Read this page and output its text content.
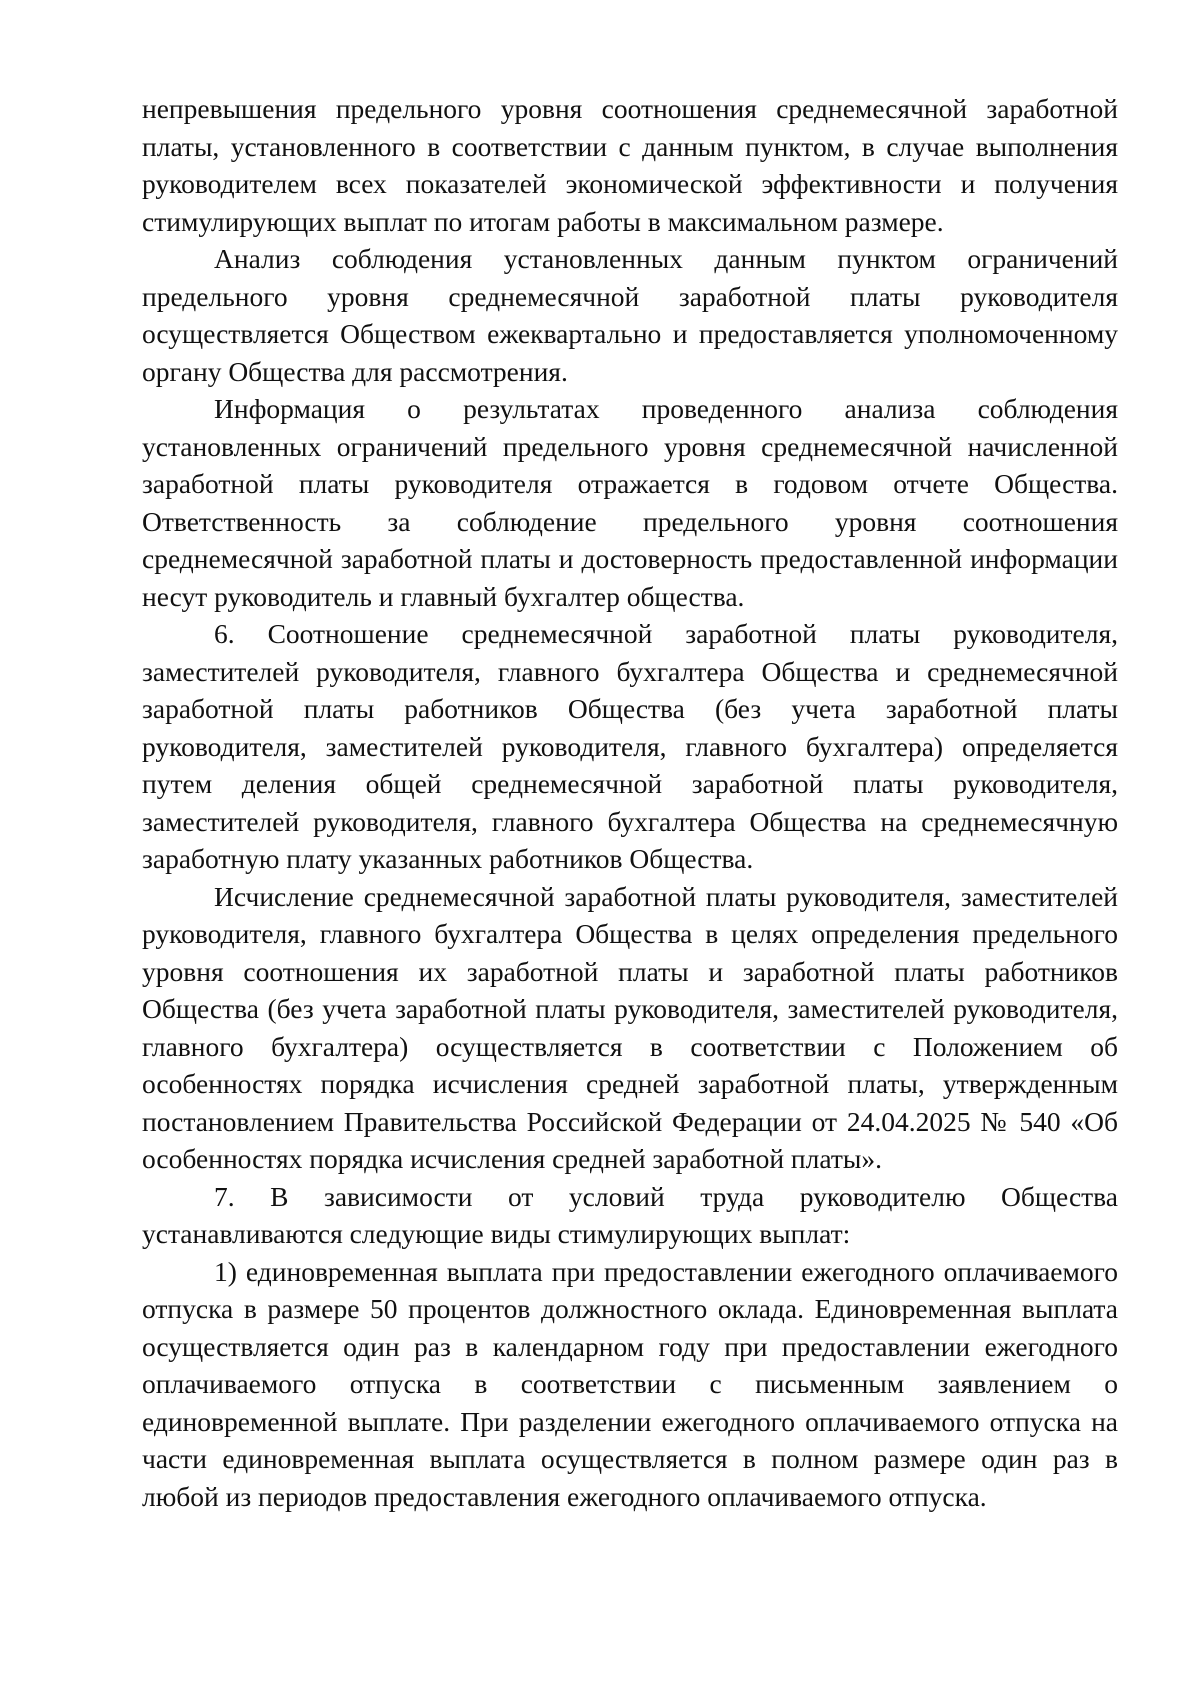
непревышения предельного уровня соотношения среднемесячной заработной платы, установленного в соответствии с данным пунктом, в случае выполнения руководителем всех показателей экономической эффективности и получения стимулирующих выплат по итогам работы в максимальном размере.

Анализ соблюдения установленных данным пунктом ограничений предельного уровня среднемесячной заработной платы руководителя осуществляется Обществом ежеквартально и предоставляется уполномоченному органу Общества для рассмотрения.

Информация о результатах проведенного анализа соблюдения установленных ограничений предельного уровня среднемесячной начисленной заработной платы руководителя отражается в годовом отчете Общества. Ответственность за соблюдение предельного уровня соотношения среднемесячной заработной платы и достоверность предоставленной информации несут руководитель и главный бухгалтер общества.

6. Соотношение среднемесячной заработной платы руководителя, заместителей руководителя, главного бухгалтера Общества и среднемесячной заработной платы работников Общества (без учета заработной платы руководителя, заместителей руководителя, главного бухгалтера) определяется путем деления общей среднемесячной заработной платы руководителя, заместителей руководителя, главного бухгалтера Общества на среднемесячную заработную плату указанных работников Общества.

Исчисление среднемесячной заработной платы руководителя, заместителей руководителя, главного бухгалтера Общества в целях определения предельного уровня соотношения их заработной платы и заработной платы работников Общества (без учета заработной платы руководителя, заместителей руководителя, главного бухгалтера) осуществляется в соответствии с Положением об особенностях порядка исчисления средней заработной платы, утвержденным постановлением Правительства Российской Федерации от 24.04.2025 № 540 «Об особенностях порядка исчисления средней заработной платы».

7. В зависимости от условий труда руководителю Общества устанавливаются следующие виды стимулирующих выплат:

1) единовременная выплата при предоставлении ежегодного оплачиваемого отпуска в размере 50 процентов должностного оклада. Единовременная выплата осуществляется один раз в календарном году при предоставлении ежегодного оплачиваемого отпуска в соответствии с письменным заявлением о единовременной выплате. При разделении ежегодного оплачиваемого отпуска на части единовременная выплата осуществляется в полном размере один раз в любой из периодов предоставления ежегодного оплачиваемого отпуска.
